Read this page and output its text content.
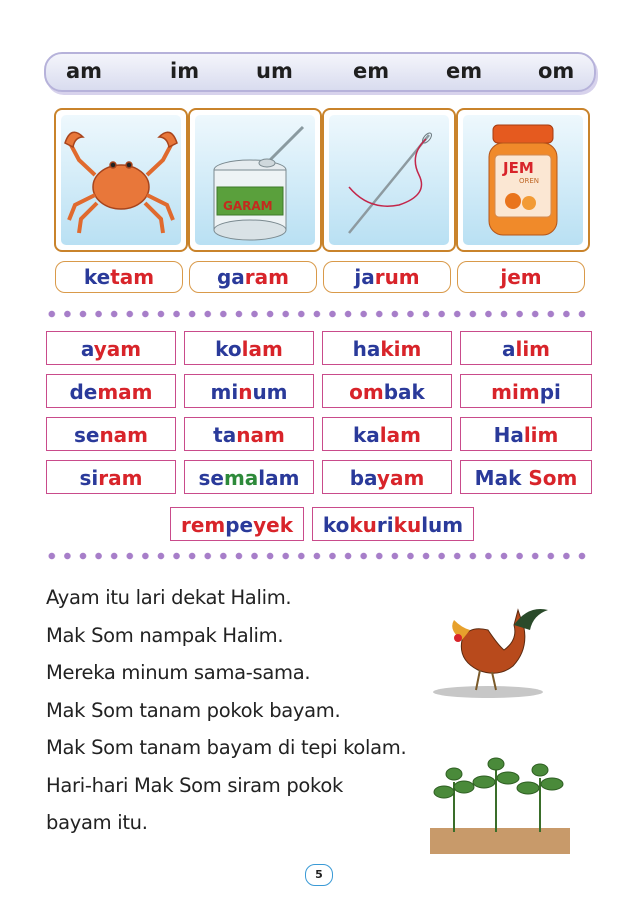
am	im	um	em	em	om
GARAM
JEM
OREN
ketam	garam	jarum	jem
ayam	kolam	hakim	alim
demam	minum	ombak	mimpi
senam	tanam	kalam	Halim
siram	semalam	bayam	Mak Som
rempeyek	kokurikulum
Ayam itu lari dekat Halim.
Mak Som nampak Halim.
Mereka minum sama-sama.
Mak Som tanam pokok bayam.
Mak Som tanam bayam di tepi kolam.
Hari-hari Mak Som siram pokok
bayam itu.
5
